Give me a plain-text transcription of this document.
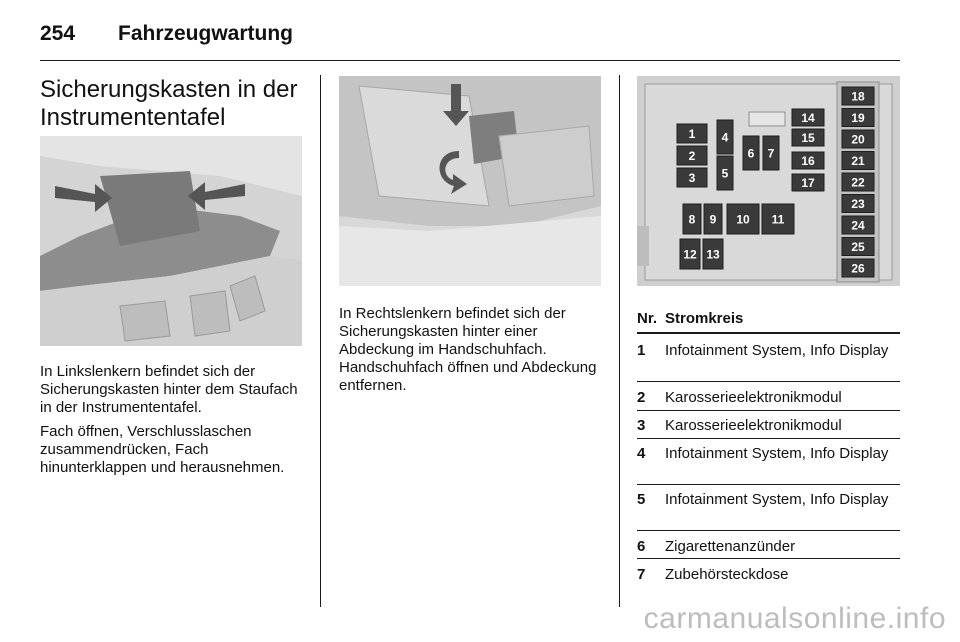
254 Fahrzeugwartung
Sicherungskasten in der
Instrumententafel

In Linkslenkern befindet sich der Sicherungskasten hinter dem Staufach in der Instrumententafel.

Fach öffnen, Verschlusslaschen zusammendrücken, Fach hinunterklappen und herausnehmen.

In Rechtslenkern befindet sich der Sicherungskasten hinter einer Abdeckung im Handschuhfach. Handschuhfach öffnen und Abdeckung entfernen.

1
2
3
4
5
6 7
8 9 10 11
12 13
14
15
16
17
18
19
20
21
22
23
24
25
26
Nr. Stromkreis
1 Infotainment System, Info Display
2 Karosserieelektronikmodul
3 Karosserieelektronikmodul
4 Infotainment System, Info Display
5 Infotainment System, Info Display
6 Zigarettenanzünder
7 Zubehörsteckdose
carmanualsonline.info
